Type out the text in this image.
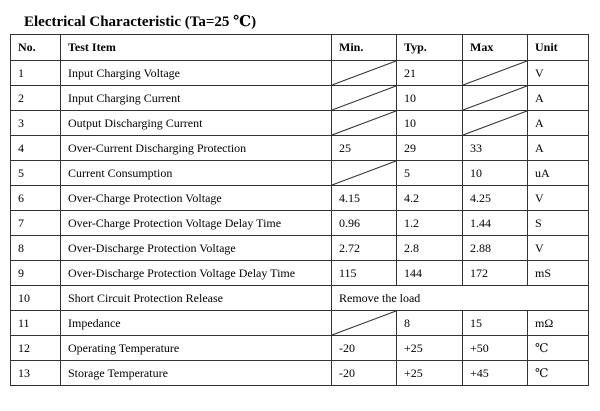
Electrical Characteristic (Ta=25 ℃)
No.	Test Item	Min.	Typ.	Max	Unit
1	Input Charging Voltage		21		V
2	Input Charging Current		10		A
3	Output Discharging Current		10		A
4	Over-Current Discharging Protection	25	29	33	A
5	Current Consumption		5	10	uA
6	Over-Charge Protection Voltage	4.15	4.2	4.25	V
7	Over-Charge Protection Voltage Delay Time	0.96	1.2	1.44	S
8	Over-Discharge Protection Voltage	2.72	2.8	2.88	V
9	Over-Discharge Protection Voltage Delay Time	115	144	172	mS
10	Short Circuit Protection Release	Remove the load			
11	Impedance		8	15	mΩ
12	Operating Temperature	-20	+25	+50	℃
13	Storage Temperature	-20	+25	+45	℃
